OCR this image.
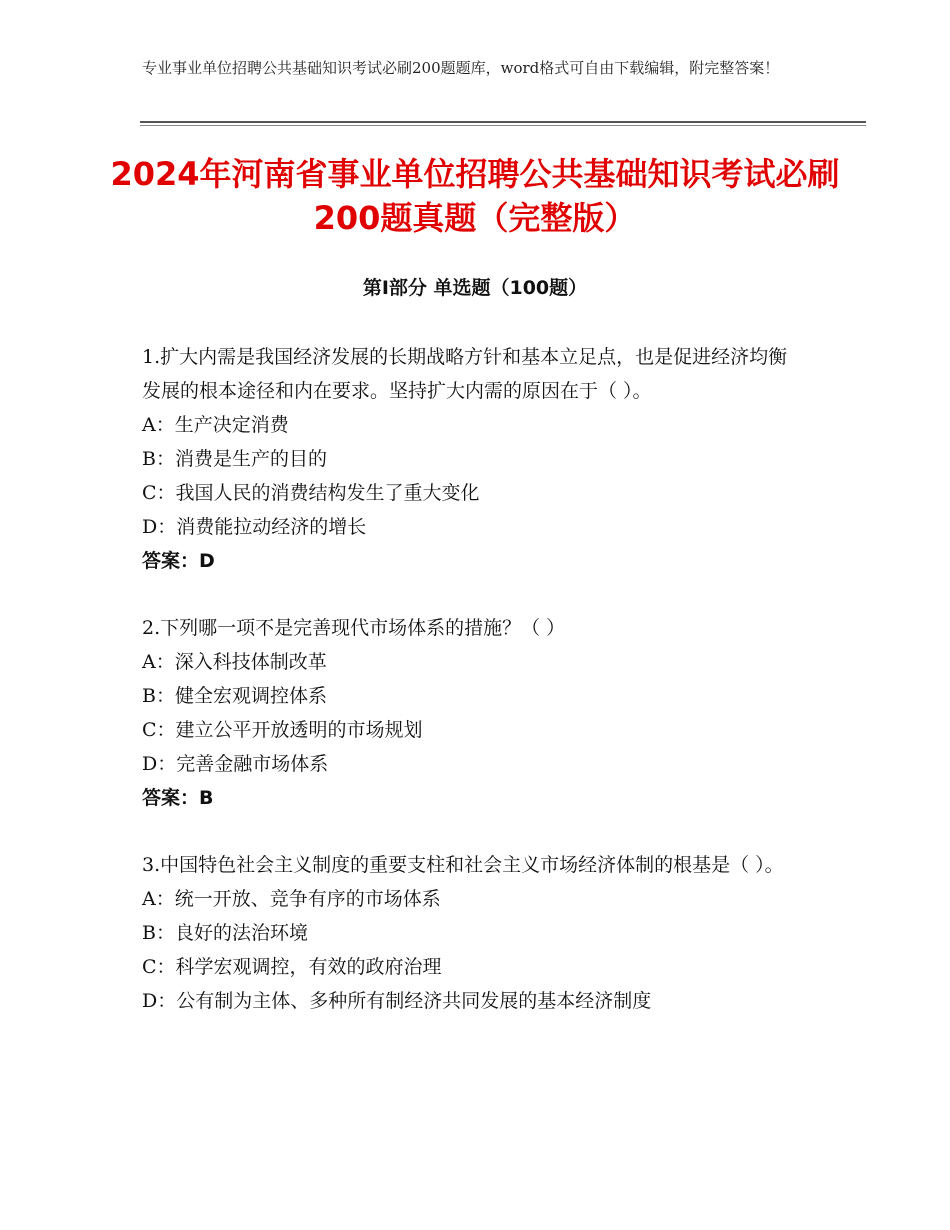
专业事业单位招聘公共基础知识考试必刷200题题库，word格式可自由下载编辑，附完整答案！
2024年河南省事业单位招聘公共基础知识考试必刷200题真题（完整版）
第Ⅰ部分 单选题（100题）

1.扩大内需是我国经济发展的长期战略方针和基本立足点，也是促进经济均衡发展的根本途径和内在要求。坚持扩大内需的原因在于（ ）。

A：生产决定消费

B：消费是生产的目的

C：我国人民的消费结构发生了重大变化

D：消费能拉动经济的增长

答案：D

2.下列哪一项不是完善现代市场体系的措施？（ ）

A：深入科技体制改革

B：健全宏观调控体系

C：建立公平开放透明的市场规划

D：完善金融市场体系

答案：B

3.中国特色社会主义制度的重要支柱和社会主义市场经济体制的根基是（ ）。

A：统一开放、竞争有序的市场体系

B：良好的法治环境

C：科学宏观调控，有效的政府治理

D：公有制为主体、多种所有制经济共同发展的基本经济制度
